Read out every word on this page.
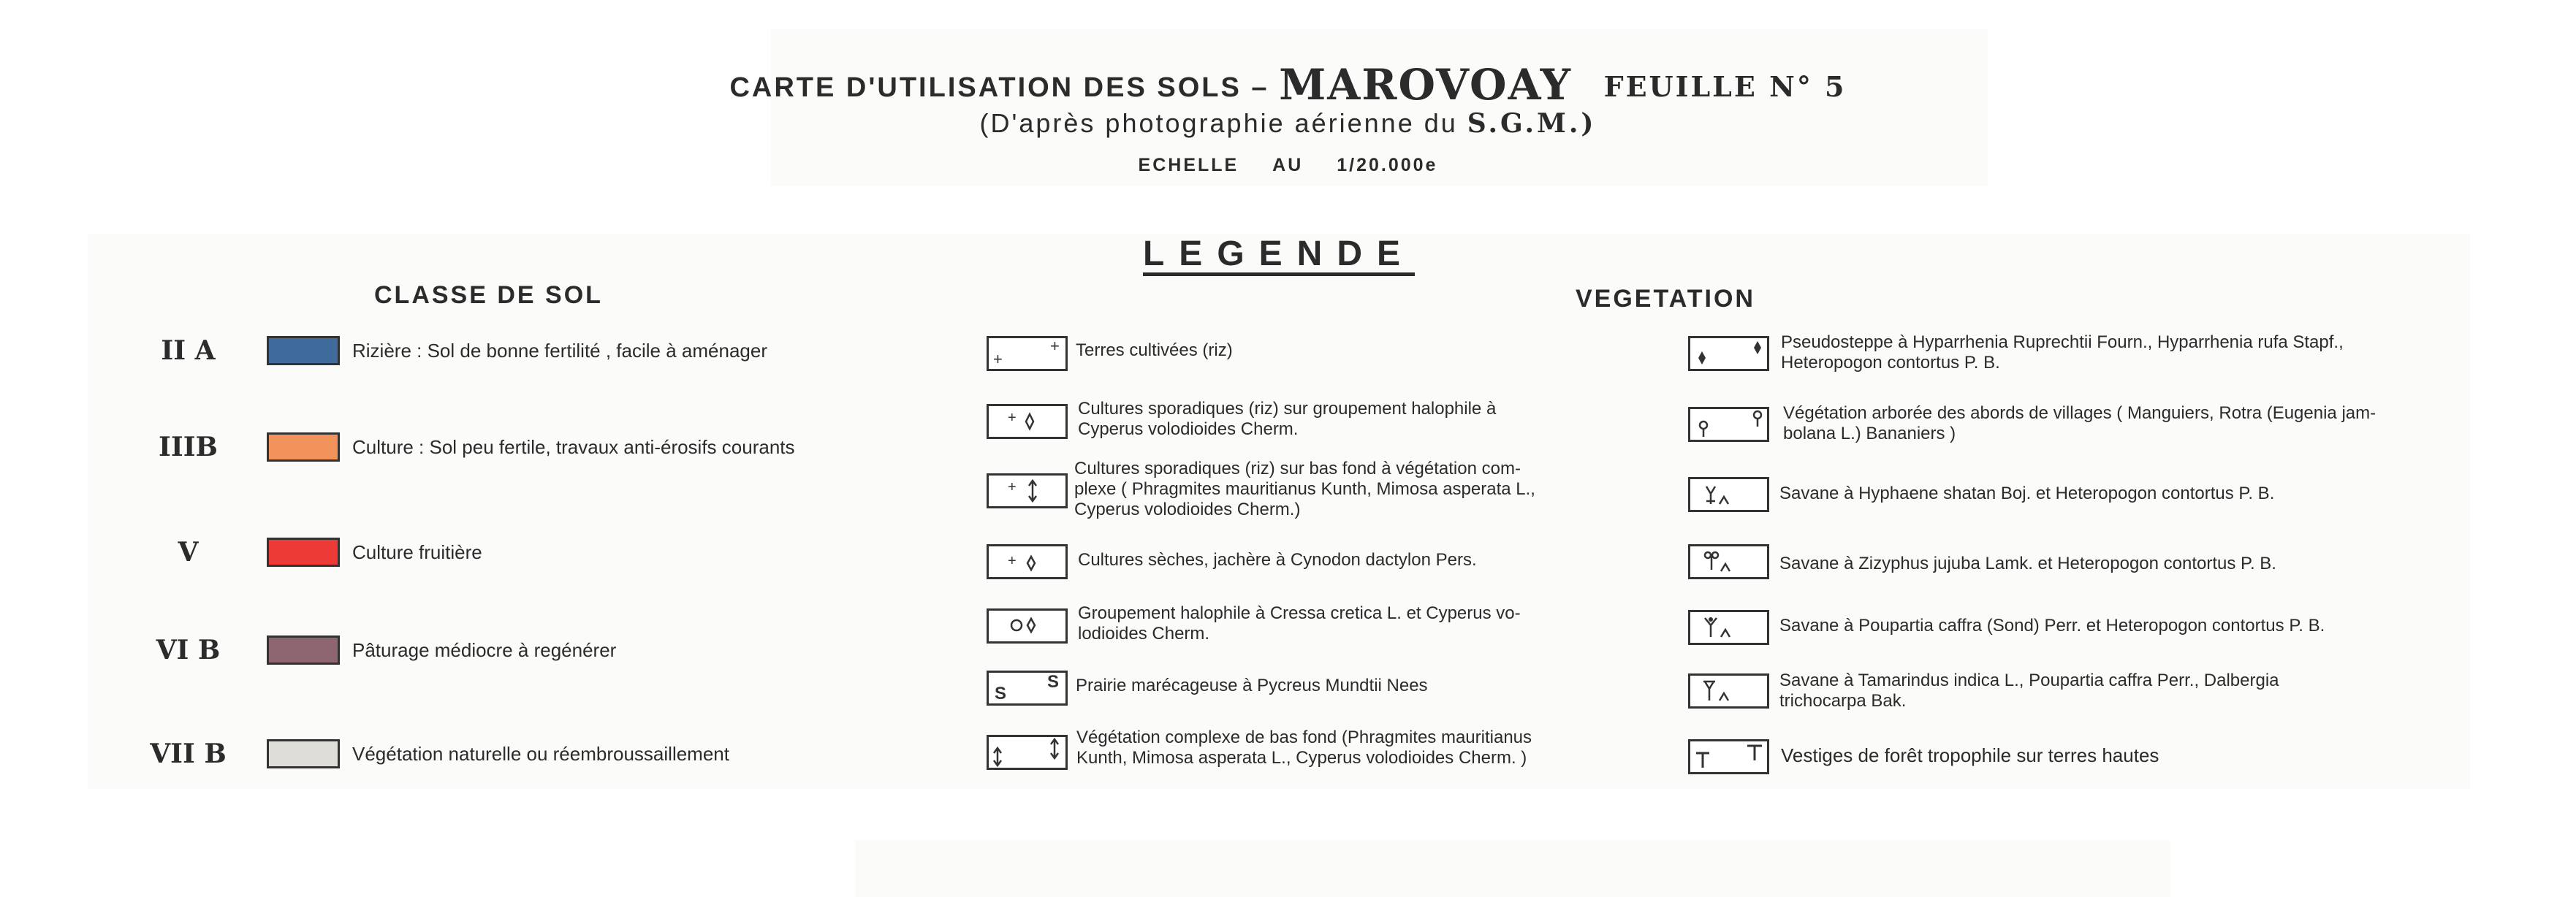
CARTE D'UTILISATION DES SOLS – MAROVOAY FEUILLE N° 5
(D'après photographie aérienne du S.G.M.)
ECHELLE AU 1/20.000e
LEGENDE
CLASSE DE SOL	VEGETATION
II A	Rizière : Sol de bonne fertilité , facile à aménager
IIIB	Culture : Sol peu fertile, travaux anti-érosifs courants
V	Culture fruitière
VI B	Pâturage médiocre à regénérer
VII B	Végétation naturelle ou réembroussaillement
+
+ Terres cultivées (riz)
+	Cultures sporadiques (riz) sur groupement halophile à
Cyperus volodioides Cherm.
+
Cultures sporadiques (riz) sur bas fond à végétation com-
plexe ( Phragmites mauritianus Kunth, Mimosa asperata L.,
Cyperus volodioides Cherm.)
+	Cultures sèches, jachère à Cynodon dactylon Pers.
Groupement halophile à Cressa cretica L. et Cyperus vo-
lodioides Cherm.
S
S Prairie marécageuse à Pycreus Mundtii Nees
Végétation complexe de bas fond (Phragmites mauritianus
Kunth, Mimosa asperata L., Cyperus volodioides Cherm. )
Pseudosteppe à Hyparrhenia Ruprechtii Fourn., Hyparrhenia rufa Stapf.,
Heteropogon contortus P. B.
Végétation arborée des abords de villages ( Manguiers, Rotra (Eugenia jam-
bolana L.) Bananiers )
Savane à Hyphaene shatan Boj. et Heteropogon contortus P. B.
Savane à Zizyphus jujuba Lamk. et Heteropogon contortus P. B.
Savane à Poupartia caffra (Sond) Perr. et Heteropogon contortus P. B.
Savane à Tamarindus indica L., Poupartia caffra Perr., Dalbergia
trichocarpa Bak.
Vestiges de forêt tropophile sur terres hautes
